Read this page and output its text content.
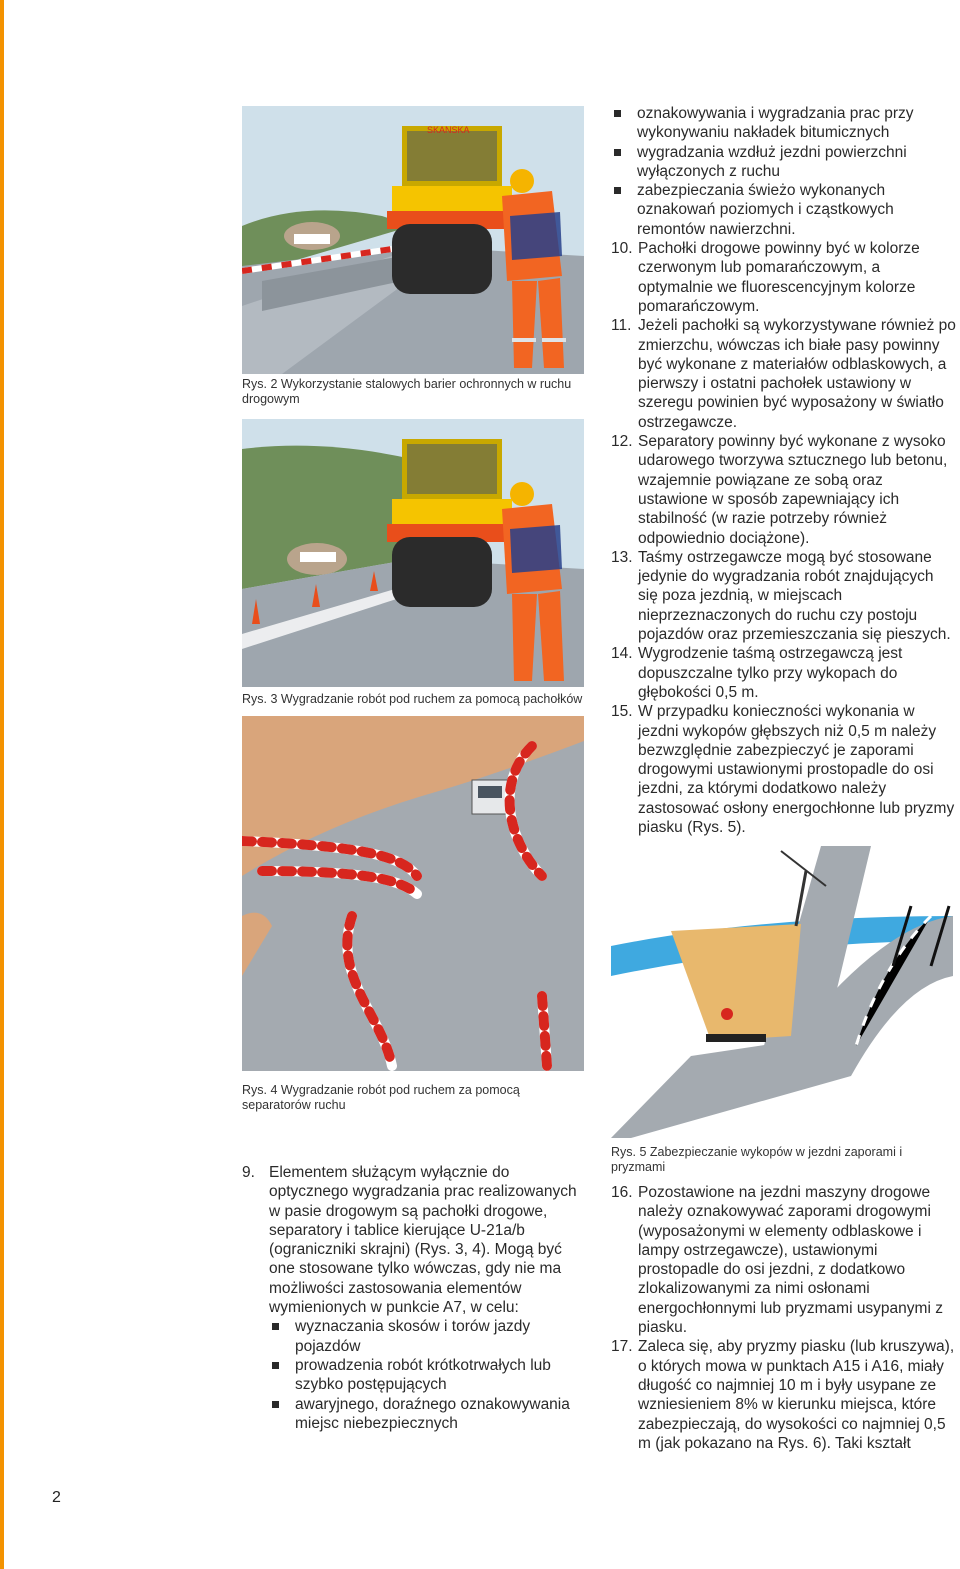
SKANSKA
Rys. 2 Wykorzystanie stalowych barier ochronnych w ruchu drogowym
Rys. 3 Wygradzanie robót pod ruchem za pomocą pachołków
Rys. 4 Wygradzanie robót pod ruchem za pomocą separatorów ruchu
Rys. 5 Zabezpieczanie wykopów w jezdni zaporami i pryzmami

oznakowywania i wygradzania prac przy wykonywaniu nakładek bitumicznych

wygradzania wzdłuż jezdni powierzchni wyłączonych z ruchu

zabezpieczania świeżo wykonanych oznakowań poziomych i cząstkowych remontów nawierzchni.

10. Pachołki drogowe powinny być w kolorze czerwonym lub pomarańczowym, a optymalnie we fluorescencyjnym kolorze pomarańczowym.
11. Jeżeli pachołki są wykorzystywane również po zmierzchu, wówczas ich białe pasy powinny być wykonane z materiałów odblaskowych, a pierwszy i ostatni pachołek ustawiony w szeregu powinien być wyposażony w światło ostrzegawcze.
12. Separatory powinny być wykonane z wysoko udarowego tworzywa sztucznego lub betonu, wzajemnie powiązane ze sobą oraz ustawione w sposób zapewniający ich stabilność (w razie potrzeby również odpowiednio dociążone).
13. Taśmy ostrzegawcze mogą być stosowane jedynie do wygradzania robót znajdujących się poza jezdnią, w miejscach nieprzeznaczonych do ruchu czy postoju pojazdów oraz przemieszczania się pieszych.
14. Wygrodzenie taśmą ostrzegawczą jest dopuszczalne tylko przy wykopach do głębokości 0,5 m.
15. W przypadku konieczności wykonania w jezdni wykopów głębszych niż 0,5 m należy bezwzględnie zabezpieczyć je zaporami drogowymi ustawionymi prostopadle do osi jezdni, za którymi dodatkowo należy zastosować osłony energochłonne lub pryzmy piasku (Rys. 5).
9. Elementem służącym wyłącznie do optycznego wygradzania prac realizowanych w pasie drogowym są pachołki drogowe, separatory i tablice kierujące U-21a/b (ograniczniki skrajni) (Rys. 3, 4). Mogą być one stosowane tylko wówczas, gdy nie ma możliwości zastosowania elementów wymienionych w punkcie A7, w celu:

wyznaczania skosów i torów jazdy pojazdów

prowadzenia robót krótkotrwałych lub szybko postępujących

awaryjnego, doraźnego oznakowywania miejsc niebezpiecznych

16. Pozostawione na jezdni maszyny drogowe należy oznakowywać zaporami drogowymi (wyposażonymi w elementy odblaskowe i lampy ostrzegawcze), ustawionymi prostopadle do osi jezdni, z dodatkowo zlokalizowanymi za nimi osłonami energochłonnymi lub pryzmami usypanymi z piasku.
17. Zaleca się, aby pryzmy piasku (lub kruszywa), o których mowa w punktach A15 i A16, miały długość co najmniej 10 m i były usypane ze wzniesieniem 8% w kierunku miejsca, które zabezpieczają, do wysokości co najmniej 0,5 m (jak pokazano na Rys. 6). Taki kształt
2
